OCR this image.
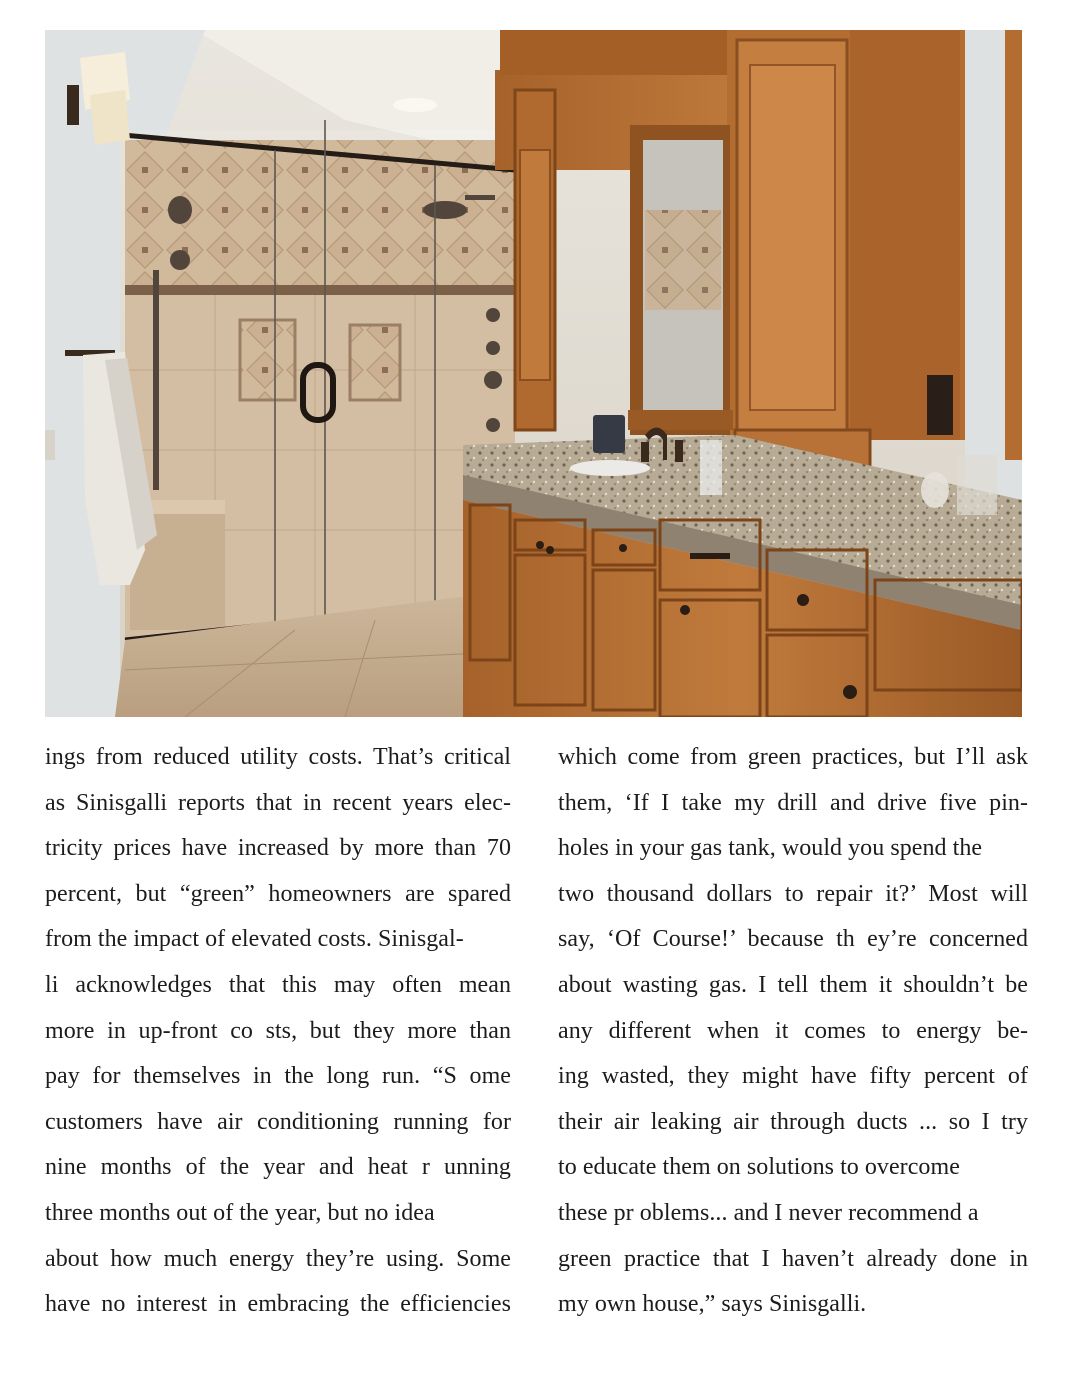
ings from reduced utility costs. That’s critical
as Sinisgalli reports that in recent years elec-
tricity prices have increased by more than 70
percent, but “green” homeowners are spared
from the impact of elevated costs. Sinisgal-
li acknowledges that this may often mean
more in up-front co sts, but they more than
pay for themselves in the long run. “S ome
customers have air conditioning running for
nine months of the year and heat r unning
three months out of the year, but no idea
about how much energy they’re using. Some
have no interest in embracing the efficiencies
which come from green practices, but I’ll ask
them, ‘If I take my drill and drive five pin-
holes in your gas tank, would you spend the
two thousand dollars to repair it?’ Most will
say, ‘Of Course!’ because th ey’re concerned
about wasting gas. I tell them it shouldn’t be
any different when it comes to energy be-
ing wasted, they might have fifty percent of
their air leaking air through ducts ... so I try
to educate them on solutions to overcome
these pr oblems... and I never recommend a
green practice that I haven’t already done in
my own house,” says Sinisgalli.
